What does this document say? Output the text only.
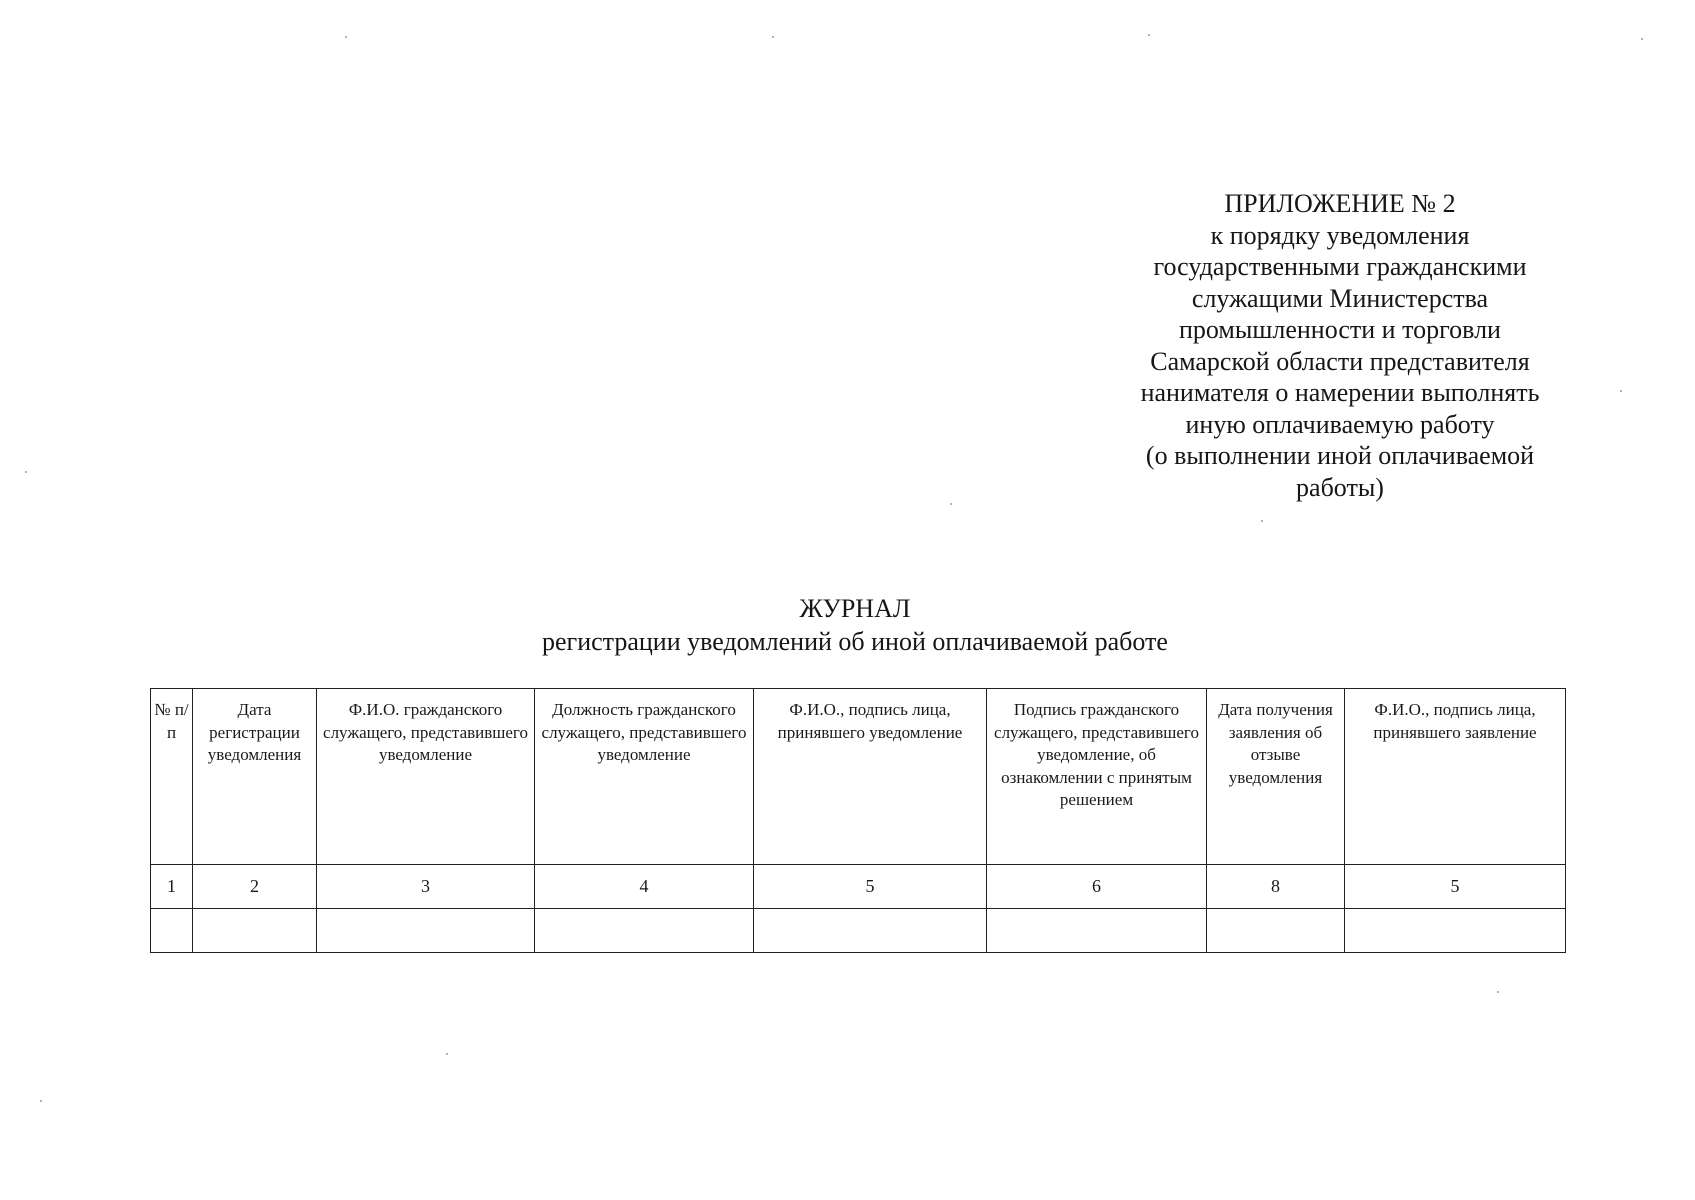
ПРИЛОЖЕНИЕ № 2
к порядку уведомления
государственными гражданскими
служащими Министерства
промышленности и торговли
Самарской области представителя
нанимателя о намерении выполнять
иную оплачиваемую работу
(о выполнении иной оплачиваемой
работы)
ЖУРНАЛ
регистрации уведомлений об иной оплачиваемой работе
№ п/п	Дата регистрации уведомления	Ф.И.О. гражданского служащего, представившего уведомление	Должность гражданского служащего, представившего уведомление	Ф.И.О., подпись лица, принявшего уведомление	Подпись гражданского служащего, представившего уведомление, об ознакомлении с принятым решением	Дата получения заявления об отзыве уведомления	Ф.И.О., подпись лица, принявшего заявление
1	2	3	4	5	6	8	5
